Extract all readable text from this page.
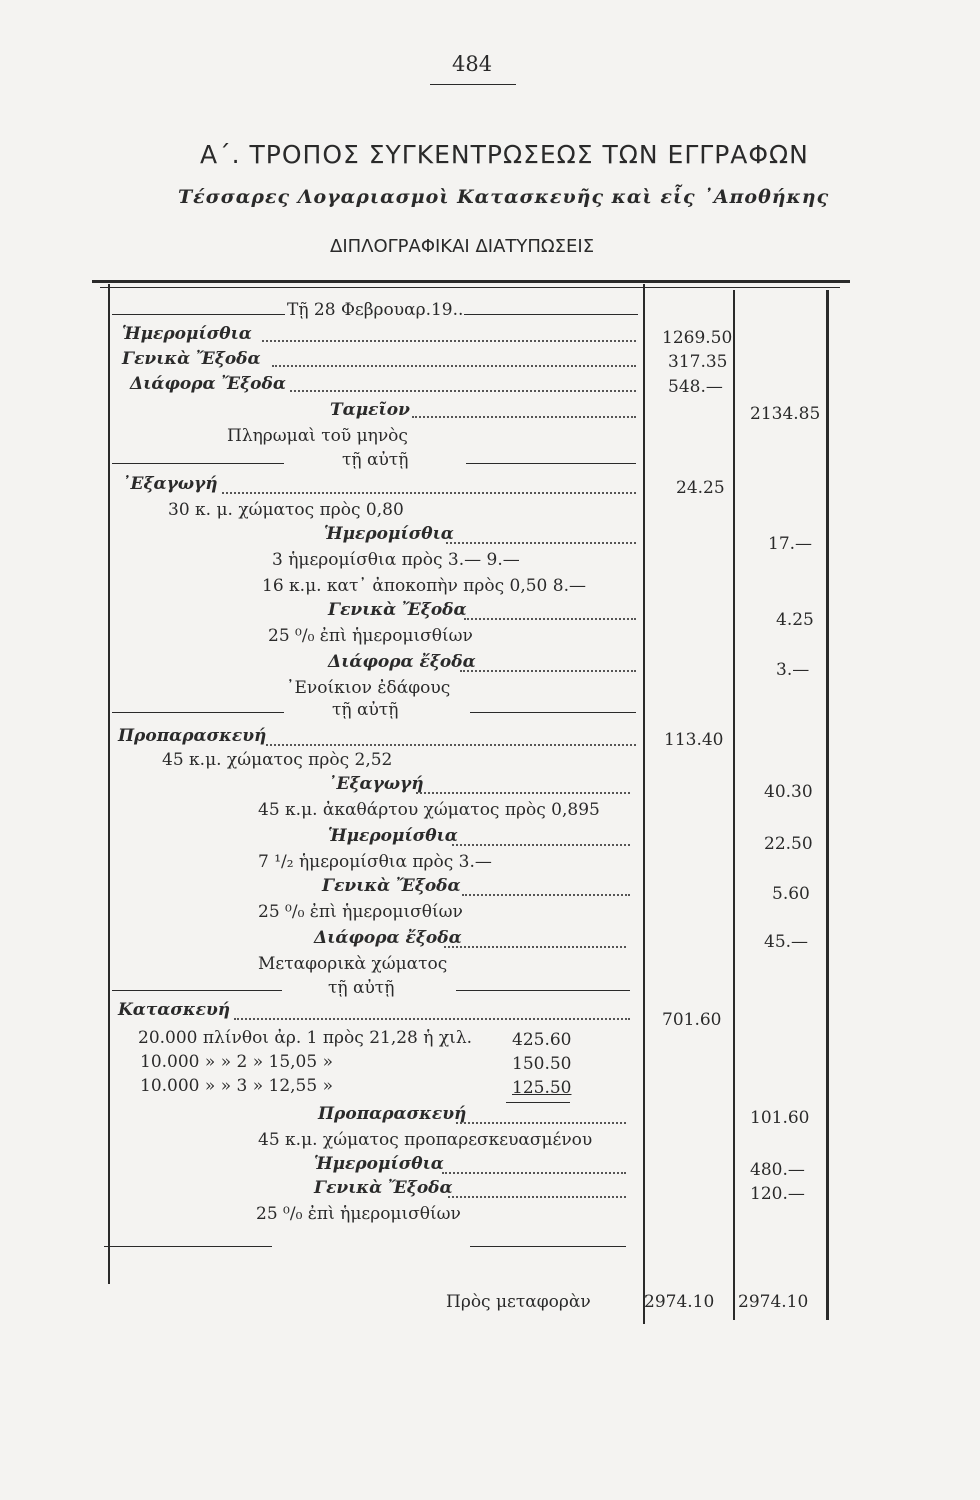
484
Α΄. ΤΡΟΠΟΣ ΣΥΓΚΕΝΤΡΩΣΕΩΣ ΤΩΝ ΕΓΓΡΑΦΩΝ
Τέσσαρες Λογαριασμοὶ Κατασκευῆς καὶ εἷς ᾿Αποθήκης
ΔΙΠΛΟΓΡΑΦΙΚΑΙ ΔΙΑΤΥΠΩΣΕΙΣ
Τῇ 28 Φεβρουαρ.19..
Ἡμερομίσθια	1269.50
Γενικὰ Ἔξοδα	317.35
Διάφορα Ἔξοδα	548.—
Ταμεῖον	2134.85
Πληρωμαὶ τοῦ μηνὸς
τῇ αὐτῇ
᾿Εξαγωγή	24.25
30 κ. μ. χώματος πρὸς 0,80
Ἡμερομίσθια	17.—
3 ἡμερομίσθια πρὸς 3.— 9.—
16 κ.μ. κατ᾿ ἀποκοπὴν πρὸς 0,50 8.—
Γενικὰ Ἔξοδα	4.25
25 ⁰/₀ ἐπὶ ἡμερομισθίων
Διάφορα ἔξοδα	3.—
᾿Ενοίκιον ἐδάφους
τῇ αὐτῇ
Προπαρασκευή	113.40
45 κ.μ. χώματος πρὸς 2,52
᾿Εξαγωγή	40.30
45 κ.μ. ἀκαθάρτου χώματος πρὸς 0,895
Ἡμερομίσθια	22.50
7 ¹/₂ ἡμερομίσθια πρὸς 3.—
Γενικὰ Ἔξοδα	5.60
25 ⁰/₀ ἐπὶ ἡμερομισθίων
Διάφορα ἔξοδα	45.—
Μεταφορικὰ χώματος
τῇ αὐτῇ
Κατασκευή	701.60
20.000 πλίνθοι ἀρ. 1 πρὸς 21,28 ἡ χιλ. 425.60
10.000 » » 2 » 15,05 »	150.50
10.000 » » 3 » 12,55 »	125.50
Προπαρασκευή	101.60
45 κ.μ. χώματος προπαρεσκευασμένου
Ἡμερομίσθια	480.—
Γενικὰ Ἔξοδα	120.—
25 ⁰/₀ ἐπὶ ἡμερομισθίων
Πρὸς μεταφορὰν	2974.10 2974.10
